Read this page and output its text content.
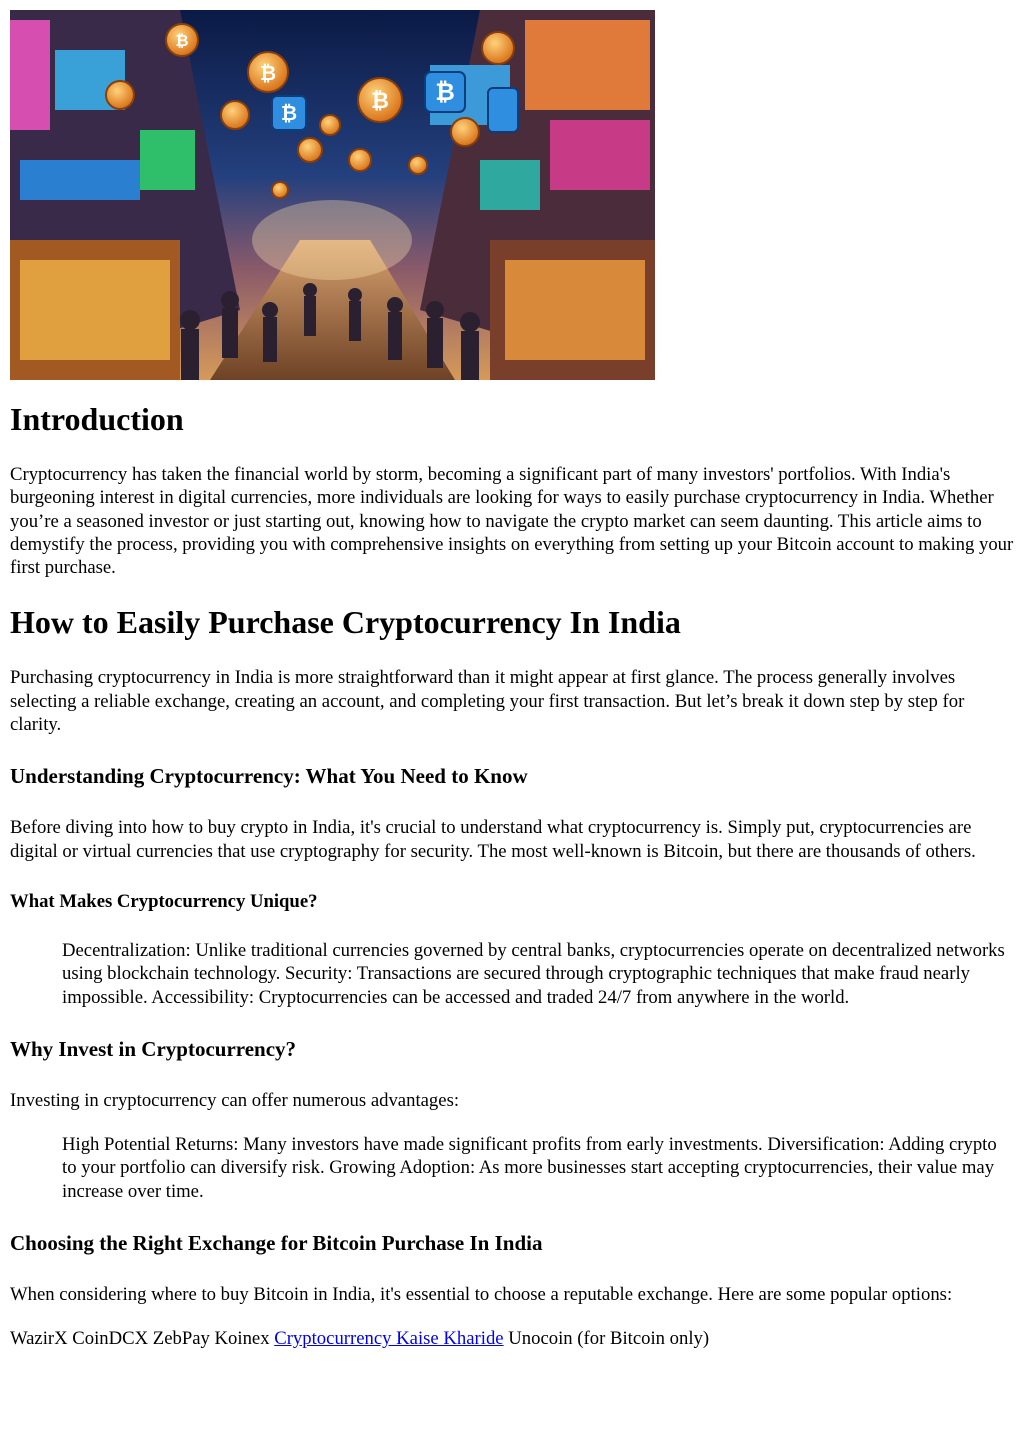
₿
₿
₿
₿
₿
Introduction

Cryptocurrency has taken the financial world by storm, becoming a significant part of many investors' portfolios. With India's burgeoning interest in digital currencies, more individuals are looking for ways to easily purchase cryptocurrency in India. Whether you’re a seasoned investor or just starting out, knowing how to navigate the crypto market can seem daunting. This article aims to demystify the process, providing you with comprehensive insights on everything from setting up your Bitcoin account to making your first purchase.

How to Easily Purchase Cryptocurrency In India

Purchasing cryptocurrency in India is more straightforward than it might appear at first glance. The process generally involves selecting a reliable exchange, creating an account, and completing your first transaction. But let’s break it down step by step for clarity.

Understanding Cryptocurrency: What You Need to Know

Before diving into how to buy crypto in India, it's crucial to understand what cryptocurrency is. Simply put, cryptocurrencies are digital or virtual currencies that use cryptography for security. The most well-known is Bitcoin, but there are thousands of others.

What Makes Cryptocurrency Unique?

Decentralization: Unlike traditional currencies governed by central banks, cryptocurrencies operate on decentralized networks using blockchain technology. Security: Transactions are secured through cryptographic techniques that make fraud nearly impossible. Accessibility: Cryptocurrencies can be accessed and traded 24/7 from anywhere in the world.

Why Invest in Cryptocurrency?

Investing in cryptocurrency can offer numerous advantages:

High Potential Returns: Many investors have made significant profits from early investments. Diversification: Adding crypto to your portfolio can diversify risk. Growing Adoption: As more businesses start accepting cryptocurrencies, their value may increase over time.

Choosing the Right Exchange for Bitcoin Purchase In India

When considering where to buy Bitcoin in India, it's essential to choose a reputable exchange. Here are some popular options:

WazirX CoinDCX ZebPay Koinex Cryptocurrency Kaise Kharide Unocoin (for Bitcoin only)
